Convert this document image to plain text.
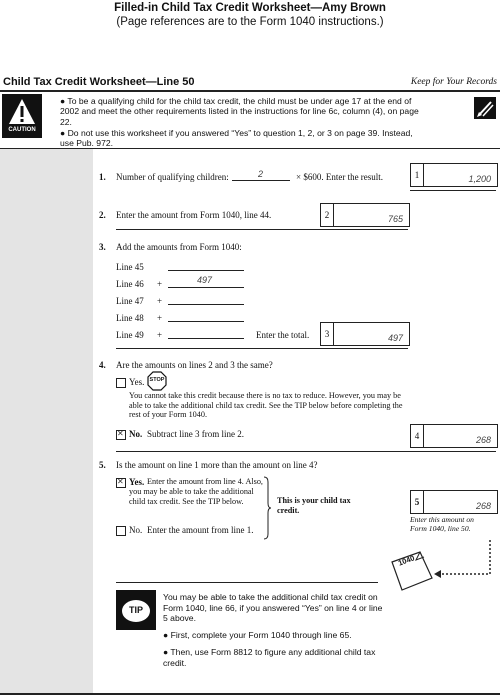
Filled-in Child Tax Credit Worksheet—Amy Brown
(Page references are to the Form 1040 instructions.)
Child Tax Credit Worksheet—Line 50	Keep for Your Records
CAUTION
● To be a qualifying child for the child tax credit, the child must be under age 17 at the end of 2002 and meet the other requirements listed in the instructions for line 6c, column (4), on page 22.
● Do not use this worksheet if you answered “Yes” to question 1, 2, or 3 on page 39. Instead, use Pub. 972.
1. Number of qualifying children:	2	× $600. Enter the result.	1	1,200
2. Enter the amount from Form 1040, line 44.	2	765
3. Add the amounts from Form 1040:
Line 45
Line 46 +	497
Line 47 +
Line 48 +
Line 49 +	Enter the total.	3	497
4. Are the amounts on lines 2 and 3 the same?
Yes. STOP
You cannot take this credit because there is no tax to reduce. However, you may be able to take the additional child tax credit. See the TIP below before completing the rest of your Form 1040.
✕
No. Subtract line 3 from line 2.	4	268
5. Is the amount on line 1 more than the amount on line 4?
✕
Yes. Enter the amount from line 4. Also, you may be able to take the additional child tax credit. See the TIP below.
No. Enter the amount from line 1.
This is your child tax credit.
5	268
Enter this amount on Form 1040, line 50.
1040
TIP
You may be able to take the additional child tax credit on Form 1040, line 66, if you answered “Yes” on line 4 or line 5 above.
● First, complete your Form 1040 through line 65.
● Then, use Form 8812 to figure any additional child tax credit.
